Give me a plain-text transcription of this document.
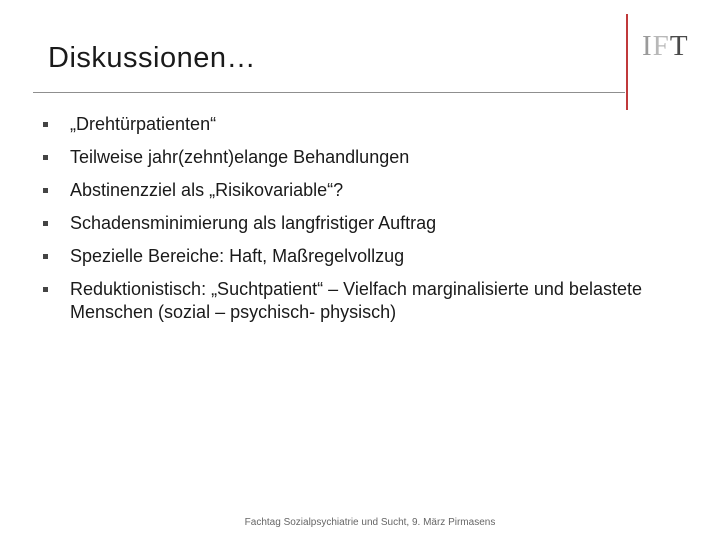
Diskussionen…	I F T
„Drehtürpatienten“
Teilweise jahr(zehnt)elange Behandlungen
Abstinenzziel als „Risikovariable“?
Schadensminimierung als langfristiger Auftrag
Spezielle Bereiche: Haft, Maßregelvollzug
Reduktionistisch: „Suchtpatient“ – Vielfach marginalisierte und belastete Menschen (sozial – psychisch- physisch)
Fachtag Sozialpsychiatrie und Sucht, 9. März Pirmasens
